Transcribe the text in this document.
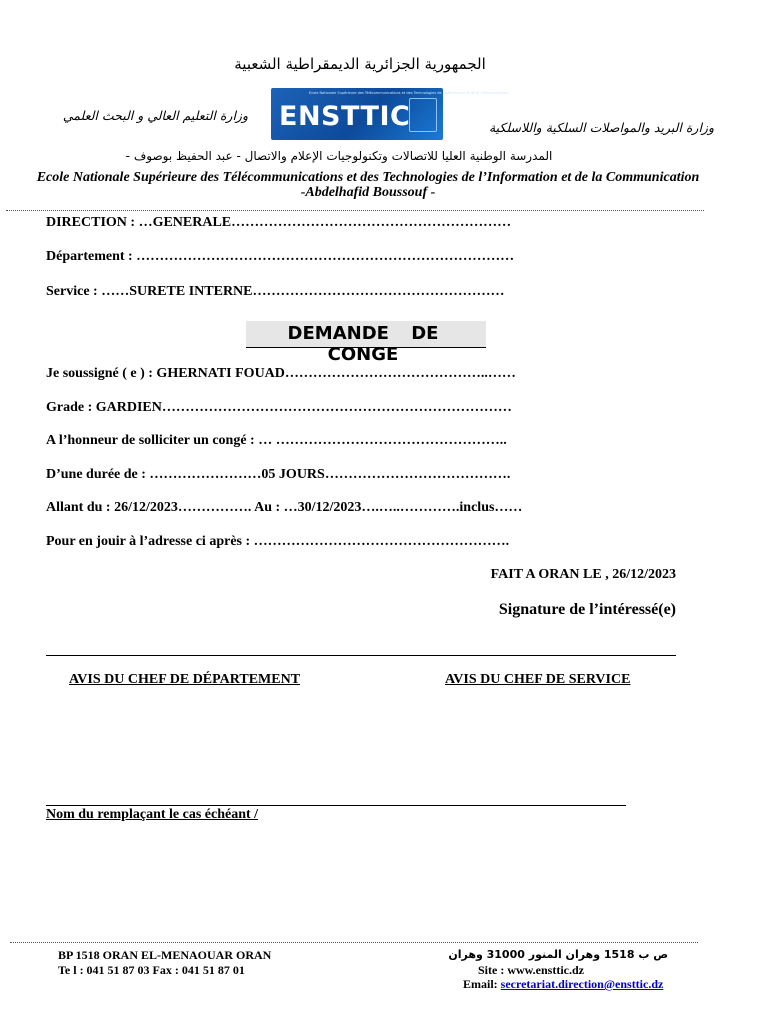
الجمهورية الجزائرية الديمقراطية الشعبية
وزارة التعليم العالي و البحث العلمي
Ecole Nationale Supérieure des Télécommunications et des Technologies de l'Information et de la Communication
ENSTTIC	وزارة البريد والمواصلات السلكية واللاسلكية
المدرسة الوطنية العليا للاتصالات وتكنولوجيات الإعلام والاتصال - عبد الحفيظ بوصوف -
Ecole Nationale Supérieure des Télécommunications et des Technologies de l’Information et de la Communication
-Abdelhafid Boussouf -
DIRECTION : …GENERALE……………………………………………………
Département : ………………………………………………………………………
Service : ……SURETE INTERNE………………………………………………
DEMANDE DE CONGE
Je soussigné ( e ) : GHERNATI FOUAD……………………………………..……
Grade : GARDIEN…………………………………………………………………
A l’honneur de solliciter un congé : … …………………………………………..
D’une durée de : ……………………05 JOURS………………………………….
Allant du : 26/12/2023……………. Au : …30/12/2023….…..………….inclus……
Pour en jouir à l’adresse ci après : ……………………………………………….
FAIT A ORAN LE , 26/12/2023
Signature de l’intéressé(e)
AVIS DU CHEF DE DÉPARTEMENT	AVIS DU CHEF DE SERVICE
Nom du remplaçant le cas échéant /
BP 1518 ORAN EL-MENAOUAR ORAN
Te l : 041 51 87 03 Fax : 041 51 87 01
ص ب 1518 وهران المنور 31000 وهران
Site : www.ensttic.dz
Email: secretariat.direction@ensttic.dz
